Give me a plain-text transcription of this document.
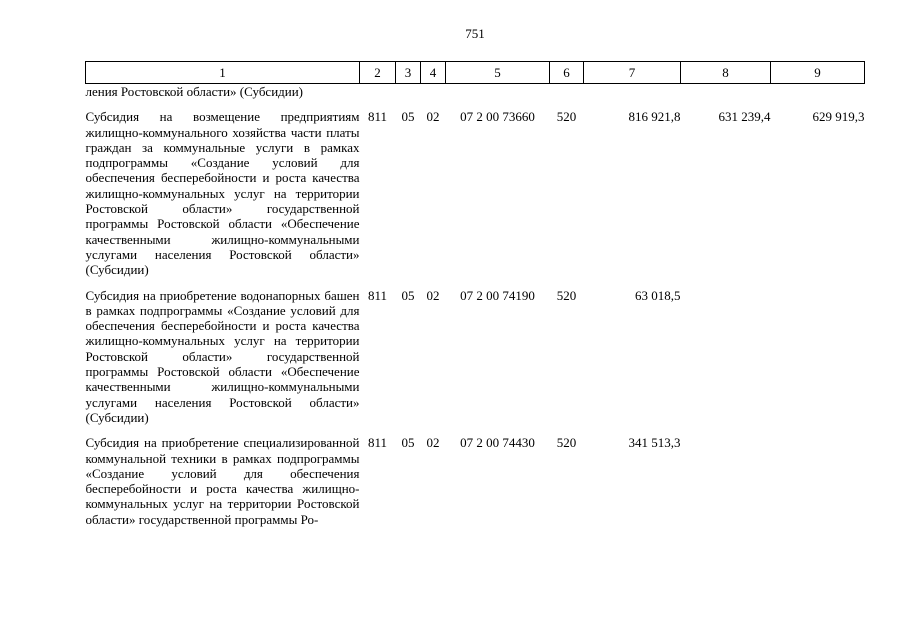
751
1	2	3	4	5	6	7	8	9
ления Ростовской области» (Субсидии)								
Субсидия на возмещение предприятиям жилищно-коммунального хозяйства части платы граждан за коммунальные услуги в рамках подпрограммы «Создание условий для обеспечения бесперебойности и роста качества жилищно-коммунальных услуг на территории Ростовской области» государственной программы Ростовской области «Обеспечение качественными жилищно-коммунальными услугами населения Ростовской области» (Субсидии)	811	05	02	07 2 00 73660	520	816 921,8	631 239,4	629 919,3
Субсидия на приобретение водонапорных башен в рамках подпрограммы «Создание условий для обеспечения бесперебойности и роста качества жилищно-коммунальных услуг на территории Ростовской области» государственной программы Ростовской области «Обеспечение качественными жилищно-коммунальными услугами населения Ростовской области» (Субсидии)	811	05	02	07 2 00 74190	520	63 018,5		
Субсидия на приобретение специализированной коммунальной техники в рамках подпрограммы «Создание условий для обеспечения бесперебойности и роста качества жилищно-коммунальных услуг на территории Ростовской области» государственной программы Ро-	811	05	02	07 2 00 74430	520	341 513,3		
